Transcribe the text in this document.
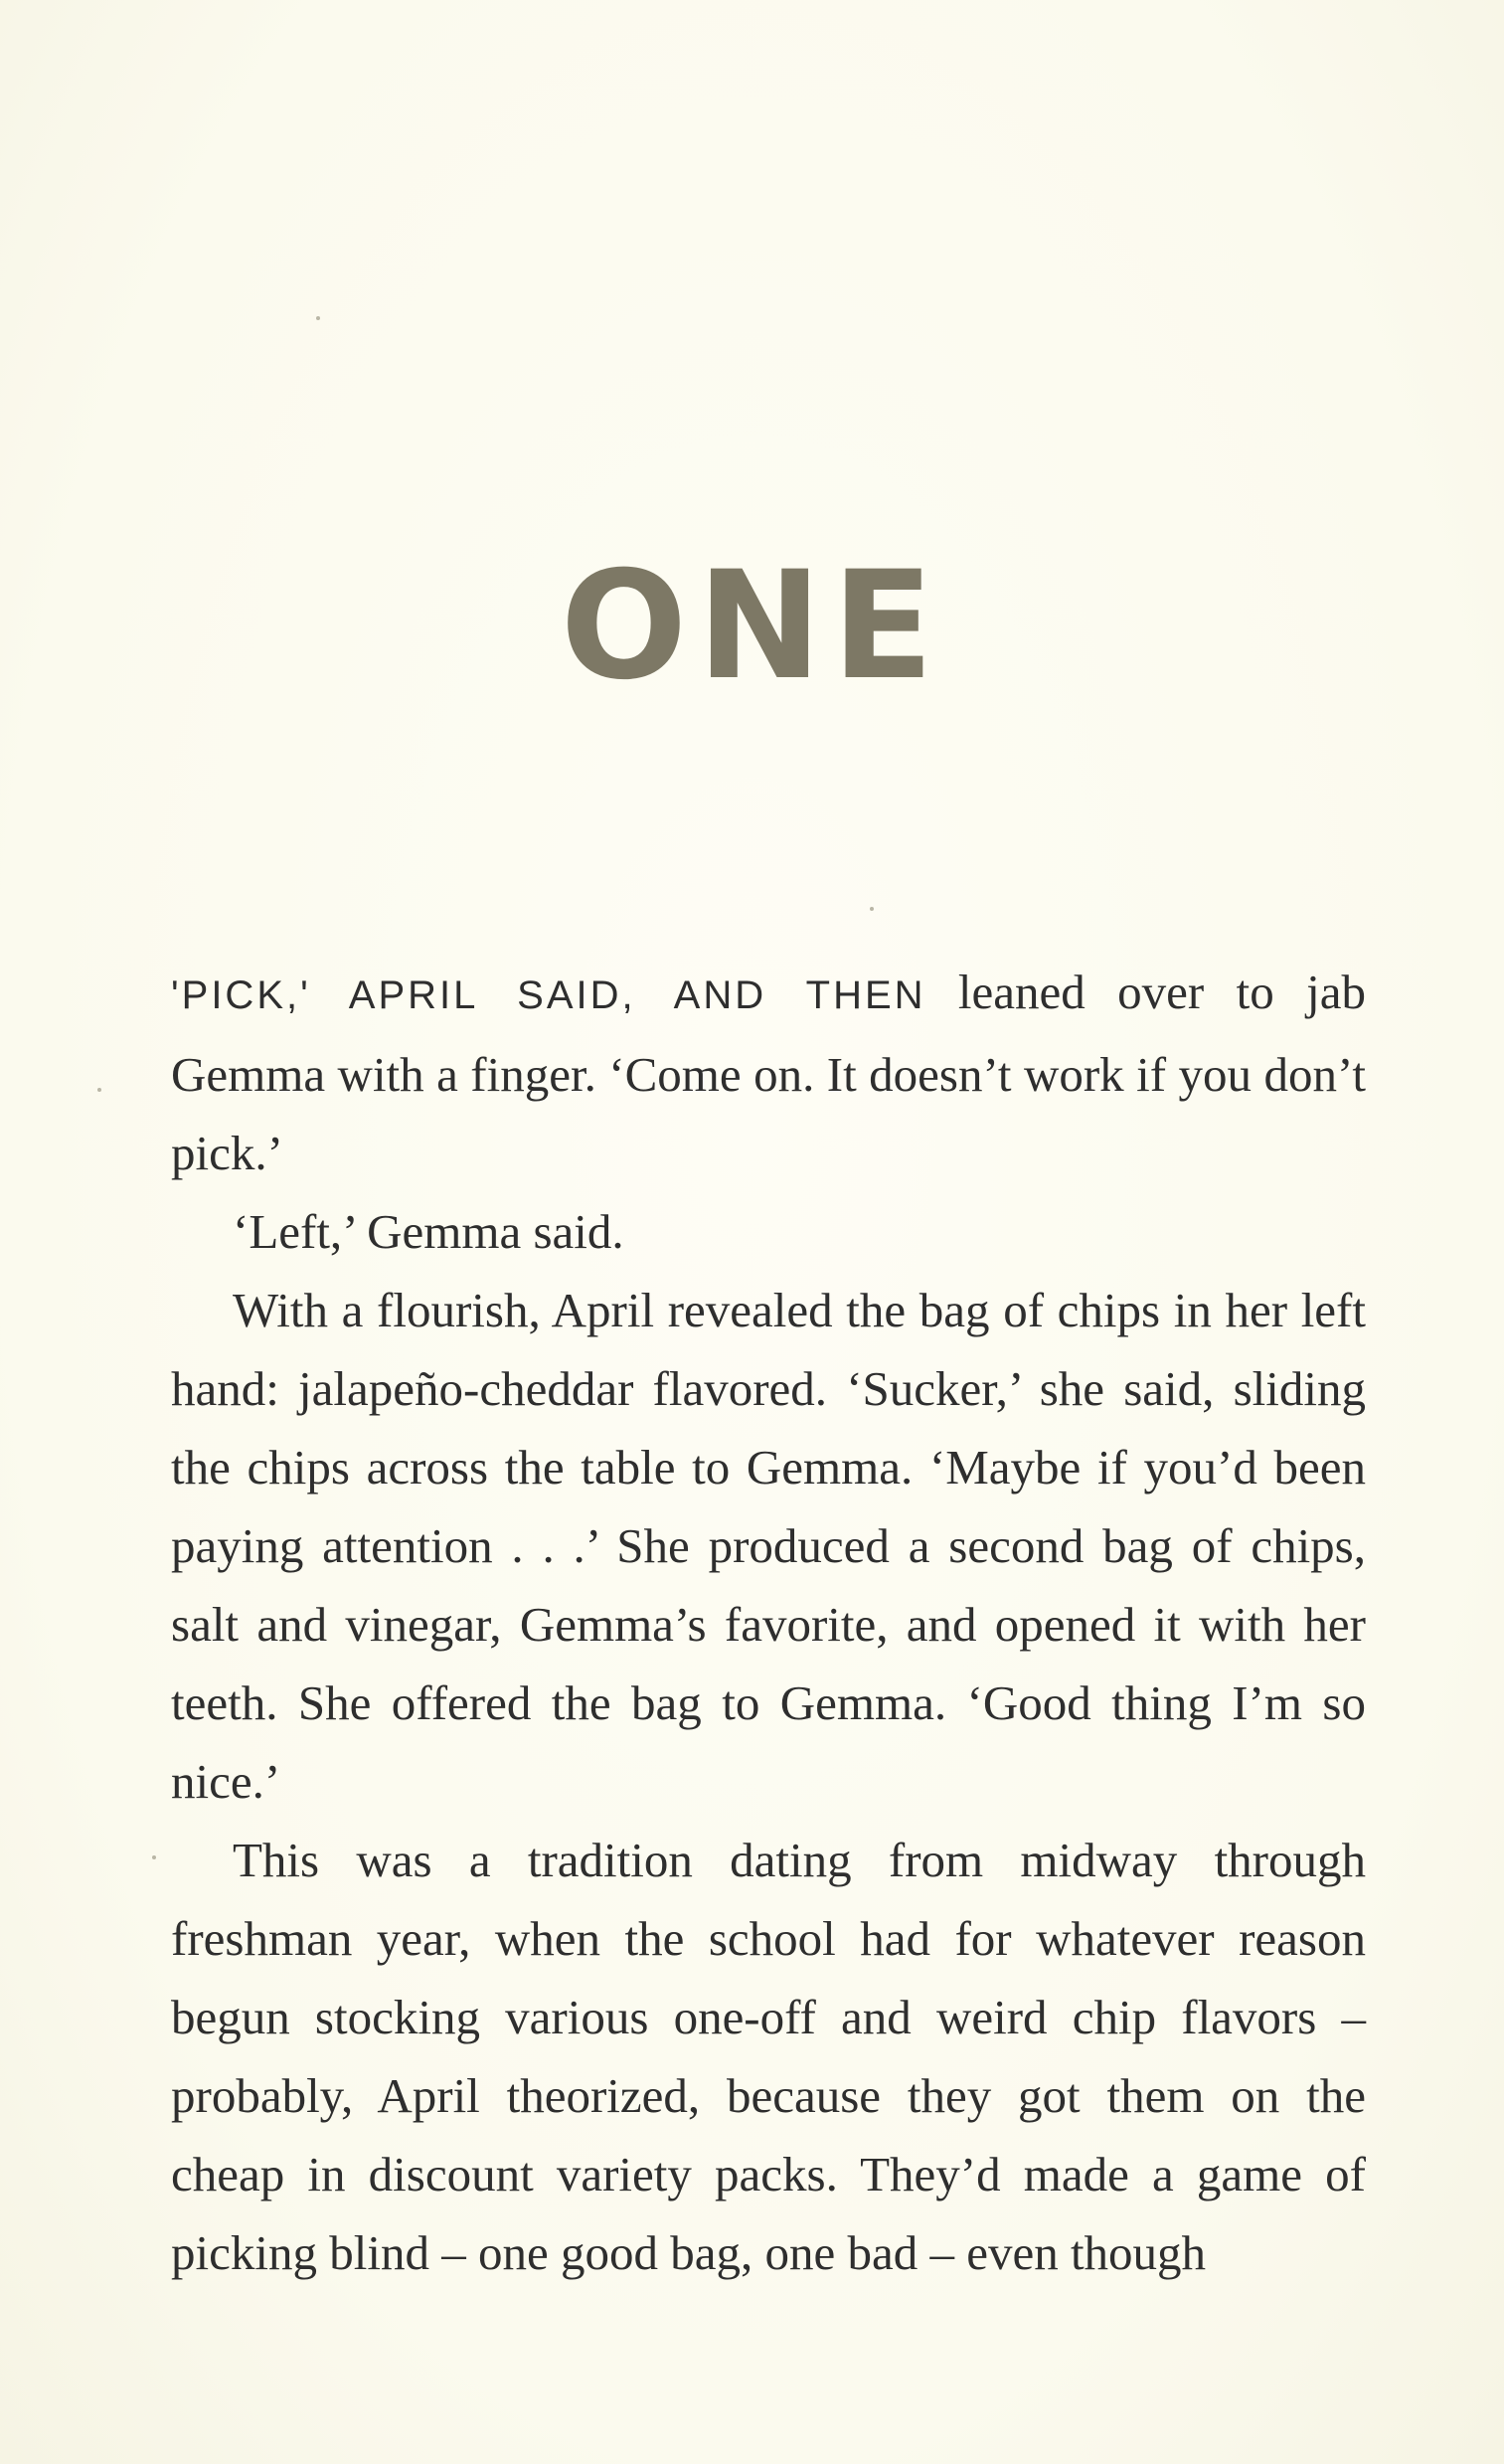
ONE

'PICK,' APRIL SAID, AND THEN leaned over to jab Gemma with a finger. ‘Come on. It doesn’t work if you don’t pick.’

‘Left,’ Gemma said.

With a flourish, April revealed the bag of chips in her left hand: jalapeño-cheddar flavored. ‘Sucker,’ she said, sliding the chips across the table to Gemma. ‘Maybe if you’d been paying attention . . .’ She produced a second bag of chips, salt and vinegar, Gemma’s favorite, and opened it with her teeth. She offered the bag to Gemma. ‘Good thing I’m so nice.’

This was a tradition dating from midway through freshman year, when the school had for whatever reason begun stocking various one-off and weird chip flavors – probably, April theorized, because they got them on the cheap in discount variety packs. They’d made a game of picking blind – one good bag, one bad – even though
